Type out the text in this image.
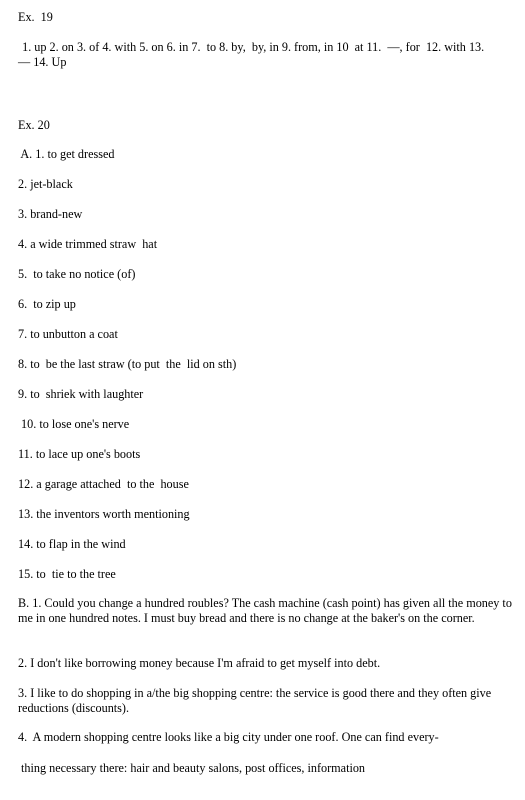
Ex.  19
1. up 2. on 3. of 4. with 5. on 6. in 7.  to 8. by,  by, in 9. from, in 10  at 11.  —, for  12. with 13.
— 14. Up
Ex. 20
A. 1. to get dressed
2. jet-black
3. brand-new
4. a wide trimmed straw  hat
5.  to take no notice (of)
6.  to zip up
7. to unbutton a coat
8. to  be the last straw (to put  the  lid on sth)
9. to  shriek with laughter
10. to lose one's nerve
11. to lace up one's boots
12. a garage attached  to the  house
13. the inventors worth mentioning
14. to flap in the wind
15. to  tie to the tree
B. 1. Could you change a hundred roubles? The cash machine (cash point) has given all the money to me in one hundred notes. I must buy bread and there is no change at the baker's on the corner.
2. I don't like borrowing money because I'm afraid to get myself into debt.
3. I like to do shopping in a/the big shopping centre: the service is good there and they often give reductions (discounts).
4.  A modern shopping centre looks like a big city under one roof. One can find every-
thing necessary there: hair and beauty salons, post offices, information
